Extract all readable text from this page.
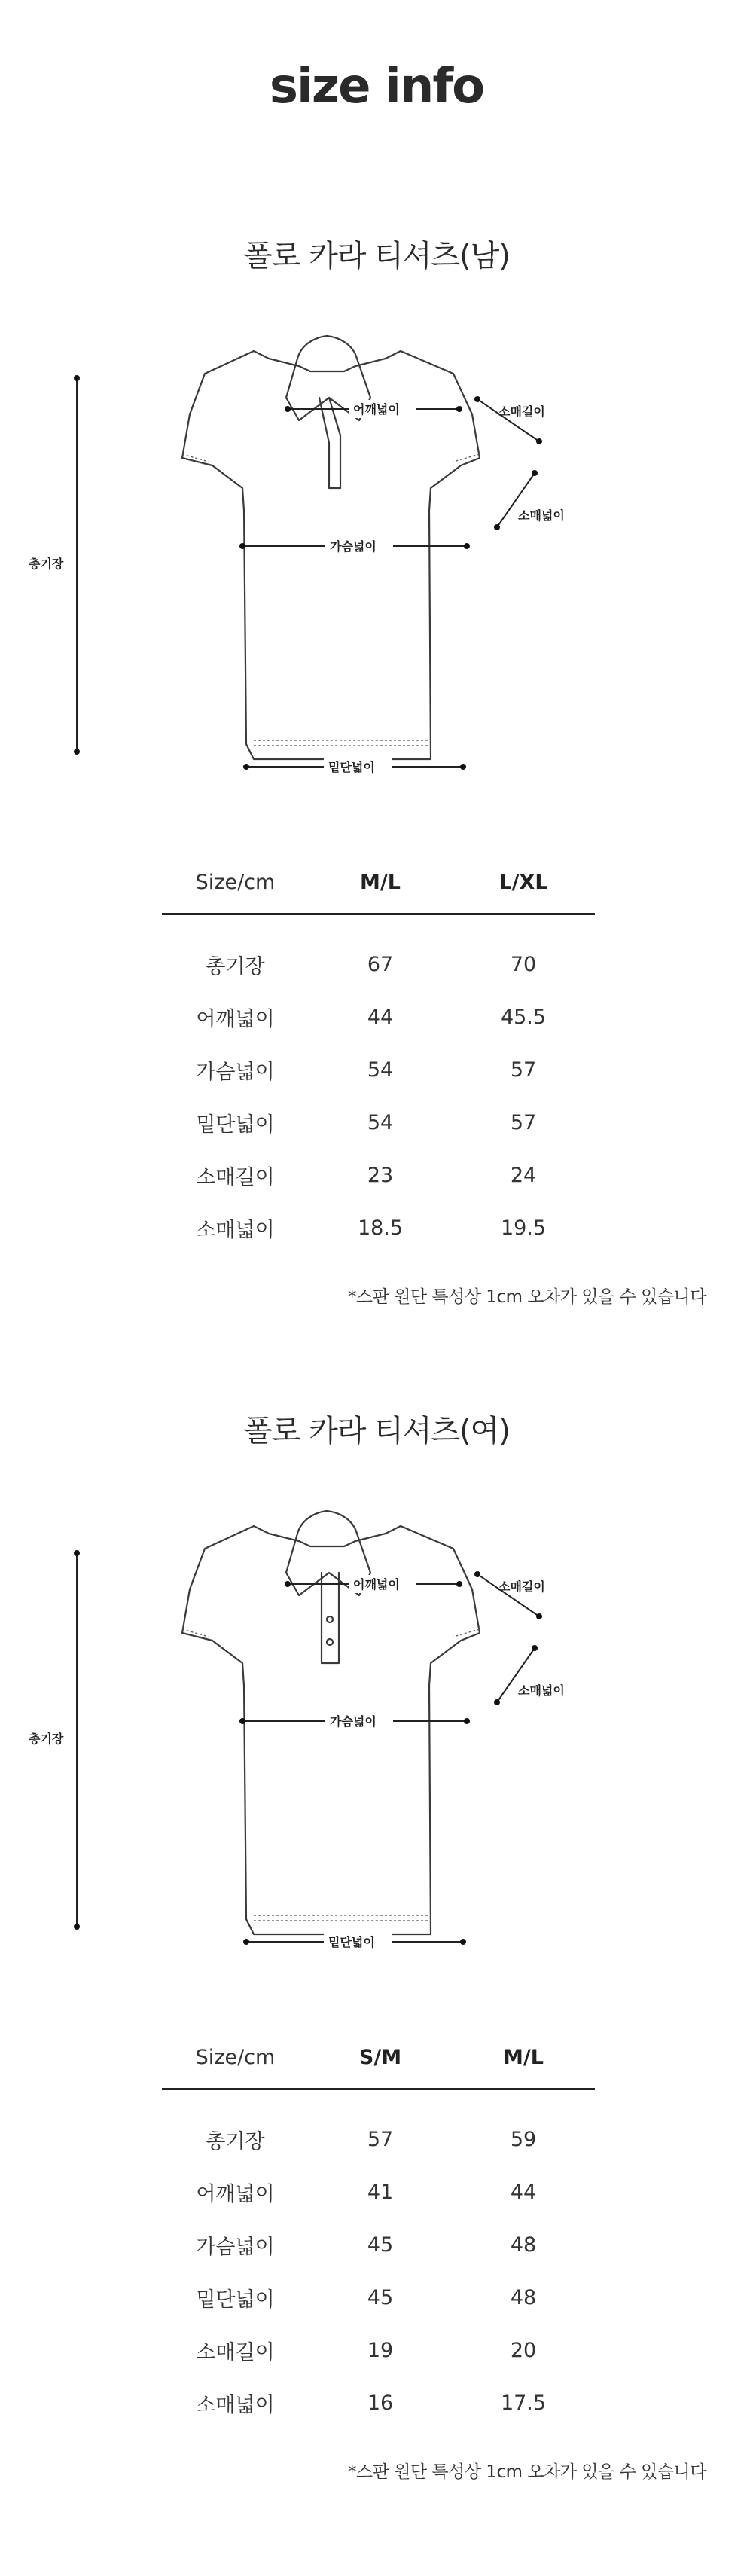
size info
폴로 카라 티셔츠(남)
총기장
어깨넓이
가슴넓이
밑단넓이
소매길이
소매넓이
Size/cm	M/L	L/XL
총기장	67	70
어깨넓이	44	45.5
가슴넓이	54	57
밑단넓이	54	57
소매길이	23	24
소매넓이	18.5	19.5
*스판 원단 특성상 1cm 오차가 있을 수 있습니다
폴로 카라 티셔츠(여)
총기장
어깨넓이
가슴넓이
밑단넓이
소매길이
소매넓이
Size/cm	S/M	M/L
총기장	57	59
어깨넓이	41	44
가슴넓이	45	48
밑단넓이	45	48
소매길이	19	20
소매넓이	16	17.5
*스판 원단 특성상 1cm 오차가 있을 수 있습니다
